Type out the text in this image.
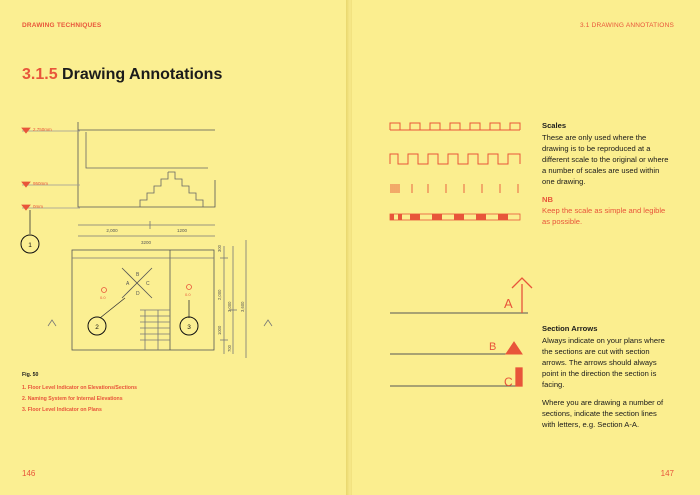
DRAWING TECHNIQUES
3.1.5 Drawing Annotations
1
2	3
2.750mm
950mm
0mm
2,000	1200
3200
300
2,000
3,000 3,600
1000
700
A
B
C
D
0.0
0.0
Fig. 50
1. Floor Level Indicator on Elevations/Sections
2. Naming System for Internal Elevations
3. Floor Level Indicator on Plans
146
3.1 DRAWING ANNOTATIONS
Scales

These are only used where the drawing is to be reproduced at a different scale to the original or where a number of scales are used within one drawing.

NB
Keep the scale as simple and legible as possible.
A
B
C
Section Arrows

Always indicate on your plans where the sections are cut with section arrows. The arrows should always point in the direction the section is facing.

Where you are drawing a number of sections, indicate the section lines with letters, e.g. Section A-A.

147
